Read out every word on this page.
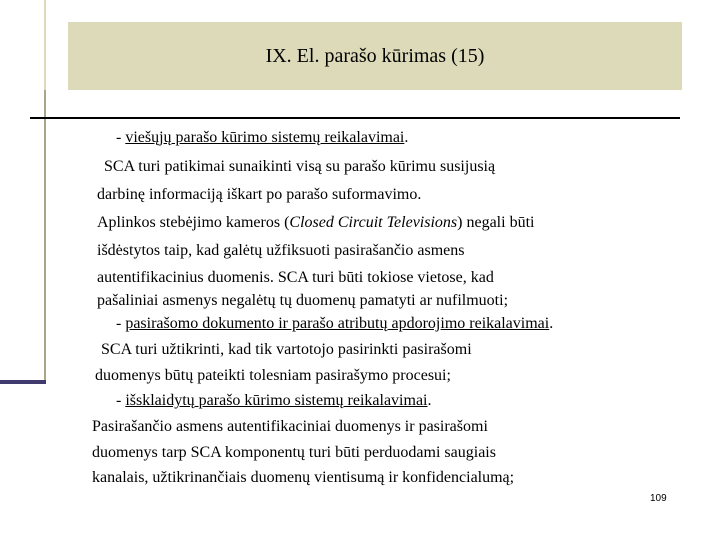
IX. El. parašo kūrimas (15)
- viešųjų parašo kūrimo sistemų reikalavimai.
SCA turi patikimai sunaikinti visą su parašo kūrimu susijusią
darbinę informaciją iškart po parašo suformavimo.
Aplinkos stebėjimo kameros (Closed Circuit Televisions) negali būti
išdėstytos taip, kad galėtų užfiksuoti pasirašančio asmens
autentifikacinius duomenis. SCA turi būti tokiose vietose, kad
pašaliniai asmenys negalėtų tų duomenų pamatyti ar nufilmuoti;
- pasirašomo dokumento ir parašo atributų apdorojimo reikalavimai.
SCA turi užtikrinti, kad tik vartotojo pasirinkti pasirašomi
duomenys būtų pateikti tolesniam pasirašymo procesui;
- išsklaidytų parašo kūrimo sistemų reikalavimai.
Pasirašančio asmens autentifikaciniai duomenys ir pasirašomi
duomenys tarp SCA komponentų turi būti perduodami saugiais
kanalais, užtikrinančiais duomenų vientisumą ir konfidencialumą;
109
